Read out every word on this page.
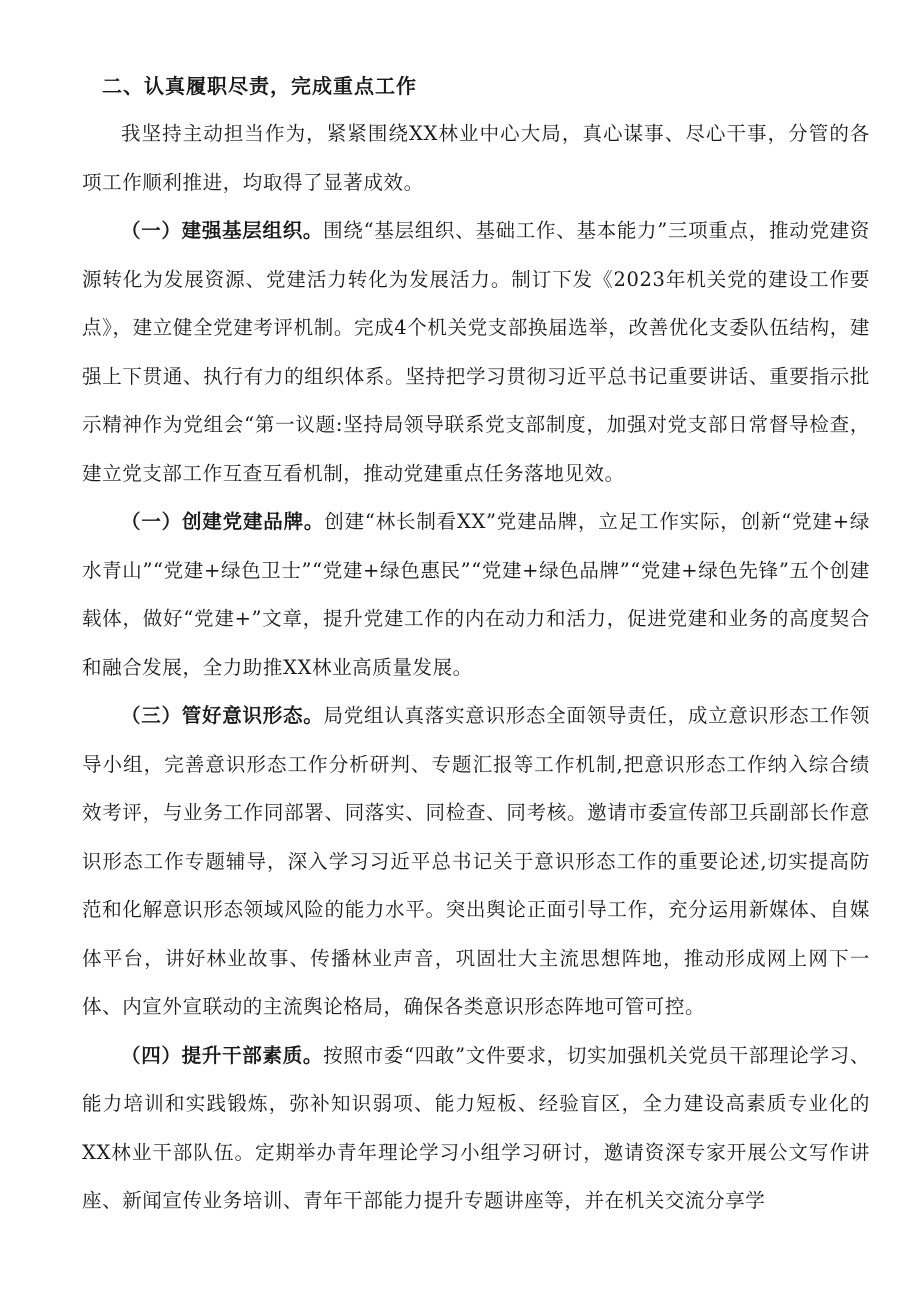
二、认真履职尽责，完成重点工作

我坚持主动担当作为，紧紧围绕XX林业中心大局，真心谋事、尽心干事，分管的各项工作顺利推进，均取得了显著成效。

（一）建强基层组织。围绕“基层组织、基础工作、基本能力”三项重点，推动党建资源转化为发展资源、党建活力转化为发展活力。制订下发《2023年机关党的建设工作要点》，建立健全党建考评机制。完成4个机关党支部换届选举，改善优化支委队伍结构，建强上下贯通、执行有力的组织体系。坚持把学习贯彻习近平总书记重要讲话、重要指示批示精神作为党组会“第一议题:坚持局领导联系党支部制度，加强对党支部日常督导检查，建立党支部工作互查互看机制，推动党建重点任务落地见效。

（一）创建党建品牌。创建“林长制看XX”党建品牌，立足工作实际，创新“党建+绿水青山”“党建+绿色卫士”“党建+绿色惠民”“党建+绿色品牌”“党建+绿色先锋”五个创建载体，做好“党建+”文章，提升党建工作的内在动力和活力，促进党建和业务的高度契合和融合发展，全力助推XX林业高质量发展。

（三）管好意识形态。局党组认真落实意识形态全面领导责任，成立意识形态工作领导小组，完善意识形态工作分析研判、专题汇报等工作机制,把意识形态工作纳入综合绩效考评，与业务工作同部署、同落实、同检查、同考核。邀请市委宣传部卫兵副部长作意识形态工作专题辅导，深入学习习近平总书记关于意识形态工作的重要论述,切实提高防范和化解意识形态领域风险的能力水平。突出舆论正面引导工作，充分运用新媒体、自媒体平台，讲好林业故事、传播林业声音，巩固壮大主流思想阵地，推动形成网上网下一体、内宣外宣联动的主流舆论格局，确保各类意识形态阵地可管可控。

（四）提升干部素质。按照市委“四敢”文件要求，切实加强机关党员干部理论学习、能力培训和实践锻炼，弥补知识弱项、能力短板、经验盲区，全力建设高素质专业化的XX林业干部队伍。定期举办青年理论学习小组学习研讨，邀请资深专家开展公文写作讲座、新闻宣传业务培训、青年干部能力提升专题讲座等，并在机关交流分享学
